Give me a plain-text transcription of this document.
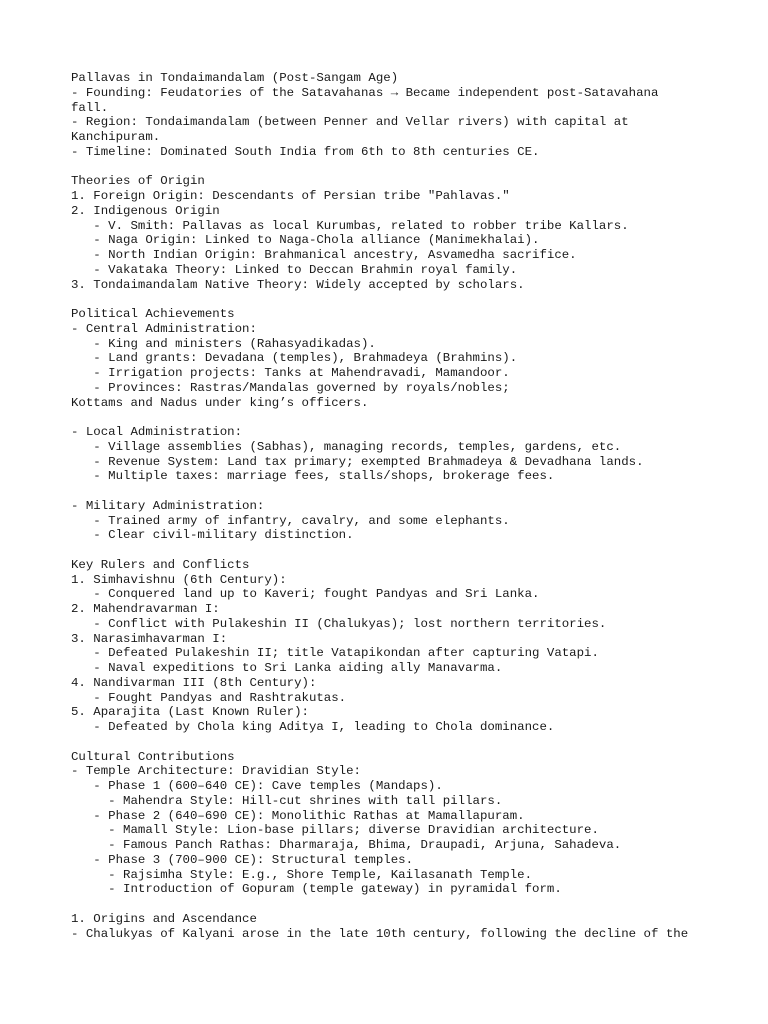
Pallavas in Tondaimandalam (Post-Sangam Age)
- Founding: Feudatories of the Satavahanas → Became independent post-Satavahana
fall.
- Region: Tondaimandalam (between Penner and Vellar rivers) with capital at
Kanchipuram.
- Timeline: Dominated South India from 6th to 8th centuries CE.
Theories of Origin
1. Foreign Origin: Descendants of Persian tribe "Pahlavas."
2. Indigenous Origin
- V. Smith: Pallavas as local Kurumbas, related to robber tribe Kallars.
- Naga Origin: Linked to Naga-Chola alliance (Manimekhalai).
- North Indian Origin: Brahmanical ancestry, Asvamedha sacrifice.
- Vakataka Theory: Linked to Deccan Brahmin royal family.
3. Tondaimandalam Native Theory: Widely accepted by scholars.
Political Achievements
- Central Administration:
- King and ministers (Rahasyadikadas).
- Land grants: Devadana (temples), Brahmadeya (Brahmins).
- Irrigation projects: Tanks at Mahendravadi, Mamandoor.
- Provinces: Rastras/Mandalas governed by royals/nobles;
Kottams and Nadus under king’s officers.
- Local Administration:
- Village assemblies (Sabhas), managing records, temples, gardens, etc.
- Revenue System: Land tax primary; exempted Brahmadeya & Devadhana lands.
- Multiple taxes: marriage fees, stalls/shops, brokerage fees.
- Military Administration:
- Trained army of infantry, cavalry, and some elephants.
- Clear civil-military distinction.
Key Rulers and Conflicts
1. Simhavishnu (6th Century):
- Conquered land up to Kaveri; fought Pandyas and Sri Lanka.
2. Mahendravarman I:
- Conflict with Pulakeshin II (Chalukyas); lost northern territories.
3. Narasimhavarman I:
- Defeated Pulakeshin II; title Vatapikondan after capturing Vatapi.
- Naval expeditions to Sri Lanka aiding ally Manavarma.
4. Nandivarman III (8th Century):
- Fought Pandyas and Rashtrakutas.
5. Aparajita (Last Known Ruler):
- Defeated by Chola king Aditya I, leading to Chola dominance.
Cultural Contributions
- Temple Architecture: Dravidian Style:
- Phase 1 (600–640 CE): Cave temples (Mandaps).
- Mahendra Style: Hill-cut shrines with tall pillars.
- Phase 2 (640–690 CE): Monolithic Rathas at Mamallapuram.
- Mamall Style: Lion-base pillars; diverse Dravidian architecture.
- Famous Panch Rathas: Dharmaraja, Bhima, Draupadi, Arjuna, Sahadeva.
- Phase 3 (700–900 CE): Structural temples.
- Rajsimha Style: E.g., Shore Temple, Kailasanath Temple.
- Introduction of Gopuram (temple gateway) in pyramidal form.
1. Origins and Ascendance
- Chalukyas of Kalyani arose in the late 10th century, following the decline of the
